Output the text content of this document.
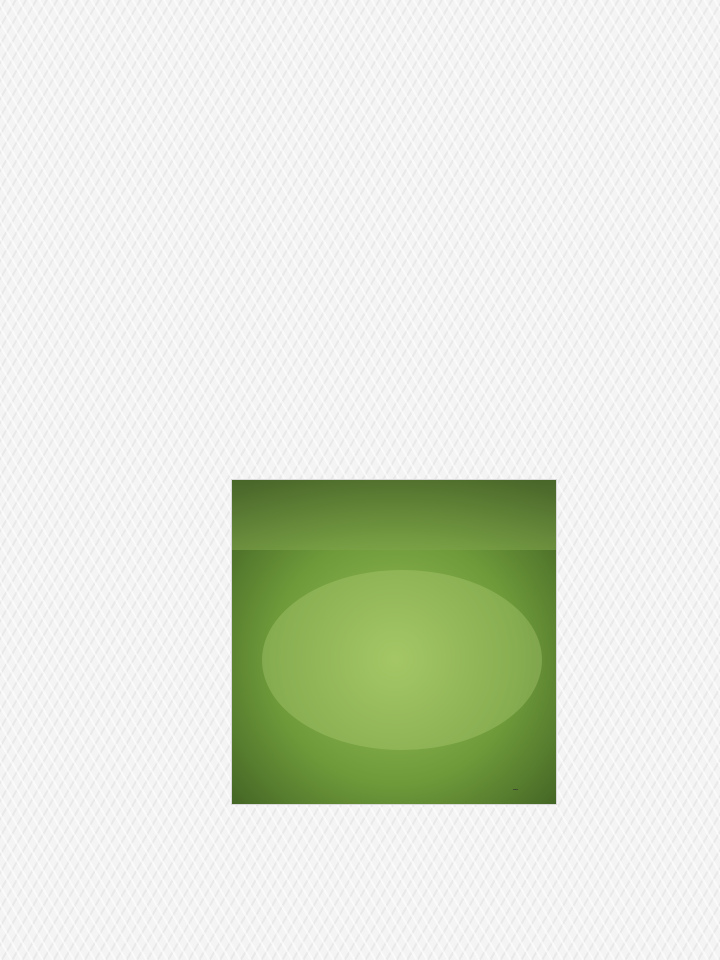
~
